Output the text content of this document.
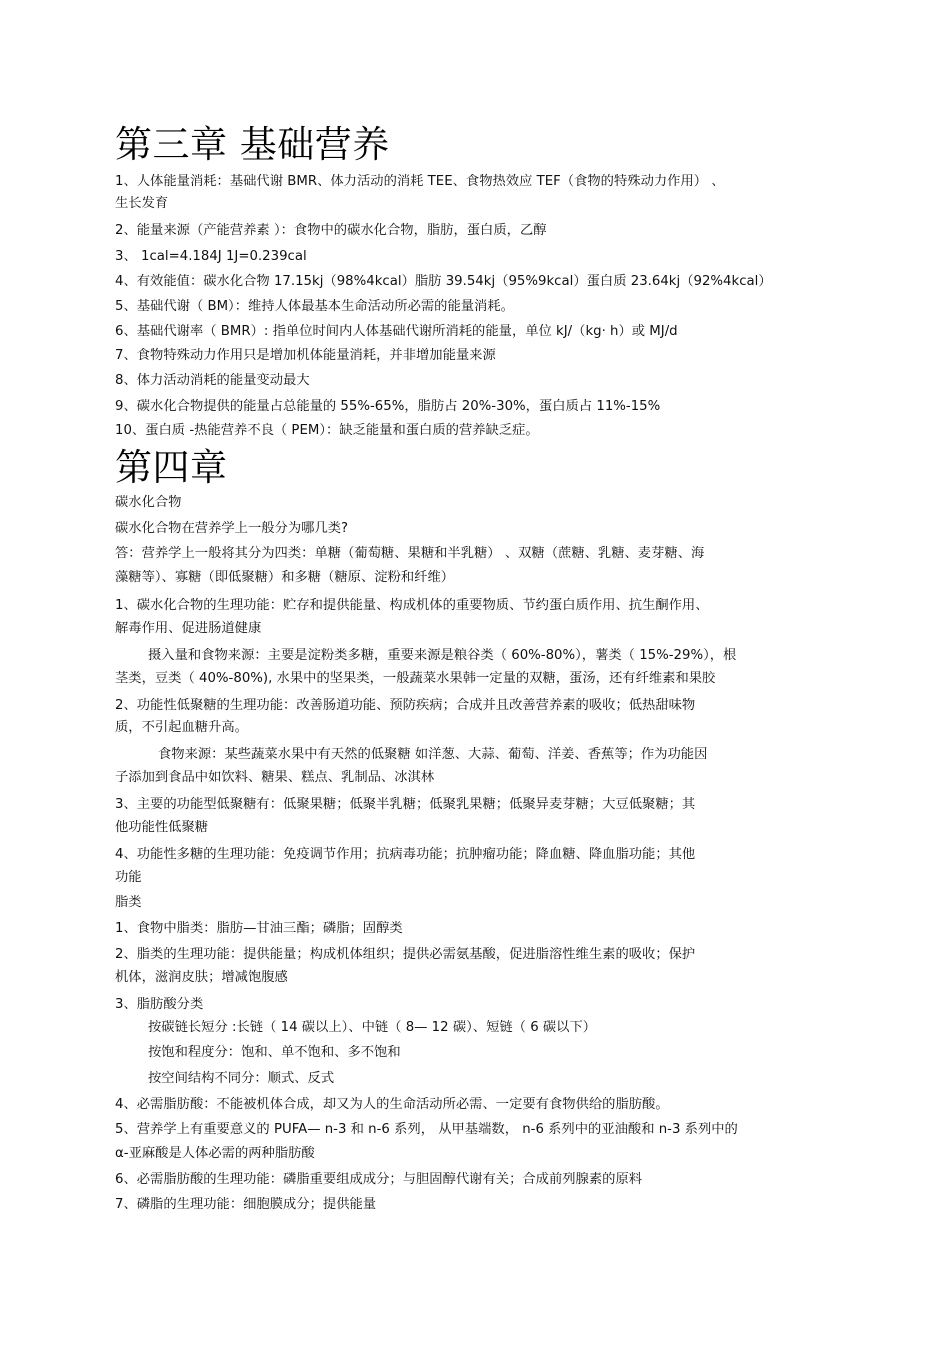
第三章 基础营养
1、人体能量消耗：基础代谢 BMR、体力活动的消耗 TEE、食物热效应 TEF（食物的特殊动力作用） 、
生长发育
2、能量来源（产能营养素 ）：食物中的碳水化合物，脂肪，蛋白质，乙醇
3、 1cal=4.184J 1J=0.239cal
4、有效能值：碳水化合物 17.15kj（98%4kcal）脂肪 39.54kj（95%9kcal）蛋白质 23.64kj（92%4kcal）
5、基础代谢（ BM）：维持人体最基本生命活动所必需的能量消耗。
6、基础代谢率（ BMR）: 指单位时间内人体基础代谢所消耗的能量，单位 kJ/（kg· h）或 MJ/d
7、食物特殊动力作用只是增加机体能量消耗，并非增加能量来源
8、体力活动消耗的能量变动最大
9、碳水化合物提供的能量占总能量的 55%-65%，脂肪占 20%-30%，蛋白质占 11%-15%
10、蛋白质 -热能营养不良（ PEM）：缺乏能量和蛋白质的营养缺乏症。
第四章
碳水化合物
碳水化合物在营养学上一般分为哪几类?
答：营养学上一般将其分为四类：单糖（葡萄糖、果糖和半乳糖） 、双糖（蔗糖、乳糖、麦芽糖、海
藻糖等）、寡糖（即低聚糖）和多糖（糖原、淀粉和纤维）
1、碳水化合物的生理功能：贮存和提供能量、构成机体的重要物质、节约蛋白质作用、抗生酮作用、
解毒作用、促进肠道健康
摄入量和食物来源：主要是淀粉类多糖，重要来源是粮谷类（ 60%-80%），薯类（ 15%-29%），根
茎类，豆类（ 40%-80%), 水果中的坚果类，一般蔬菜水果韩一定量的双糖，蛋汤，还有纤维素和果胶
2、功能性低聚糖的生理功能：改善肠道功能、预防疾病；合成并且改善营养素的吸收；低热甜味物
质，不引起血糖升高。
食物来源：某些蔬菜水果中有天然的低聚糖 如洋葱、大蒜、葡萄、洋姜、香蕉等；作为功能因
子添加到食品中如饮料、糖果、糕点、乳制品、冰淇林
3、主要的功能型低聚糖有：低聚果糖；低聚半乳糖；低聚乳果糖；低聚异麦芽糖；大豆低聚糖；其
他功能性低聚糖
4、功能性多糖的生理功能：免疫调节作用；抗病毒功能；抗肿瘤功能；降血糖、降血脂功能；其他
功能
脂类
1、食物中脂类：脂肪—甘油三酯；磷脂；固醇类
2、脂类的生理功能：提供能量；构成机体组织；提供必需氨基酸，促进脂溶性维生素的吸收；保护
机体，滋润皮肤；增减饱腹感
3、脂肪酸分类
按碳链长短分 :长链（ 14 碳以上）、中链（ 8— 12 碳）、短链（ 6 碳以下）
按饱和程度分：饱和、单不饱和、多不饱和
按空间结构不同分：顺式、反式
4、必需脂肪酸：不能被机体合成，却又为人的生命活动所必需、一定要有食物供给的脂肪酸。
5、营养学上有重要意义的 PUFA— n-3 和 n-6 系列， 从甲基端数， n-6 系列中的亚油酸和 n-3 系列中的
α-亚麻酸是人体必需的两种脂肪酸
6、必需脂肪酸的生理功能：磷脂重要组成成分；与胆固醇代谢有关；合成前列腺素的原料
7、磷脂的生理功能：细胞膜成分；提供能量
